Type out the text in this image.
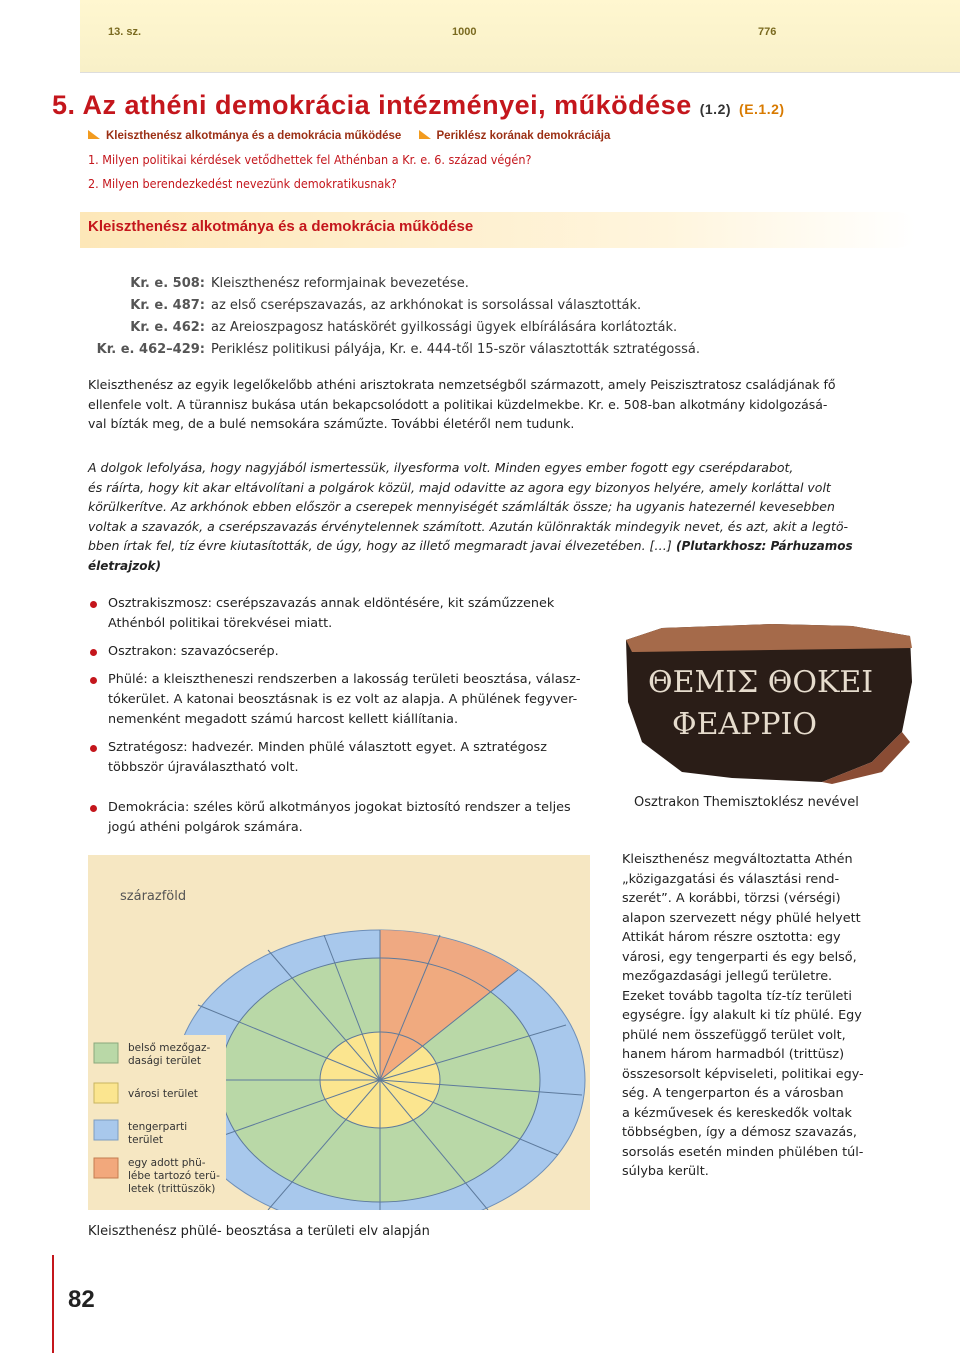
13. sz.	1000	776
5. Az athéni demokrácia intézményei, működése (1.2) (E.1.2)
Kleiszthenész alkotmánya és a demokrácia működése	Periklész korának demokráciája
1. Milyen politikai kérdések vetődhettek fel Athénban a Kr. e. 6. század végén?
2. Milyen berendezkedést nevezünk demokratikusnak?
Kleiszthenész alkotmánya és a demokrácia működése
Kr. e. 508: Kleiszthenész reformjainak bevezetése.
Kr. e. 487: az első cserépszavazás, az arkhónokat is sorsolással választották.
Kr. e. 462: az Areioszpagosz hatáskörét gyilkossági ügyek elbírálására korlátozták.
Kr. e. 462–429: Periklész politikusi pályája, Kr. e. 444-től 15-ször választották sztratégossá.
Kleiszthenész az egyik legelőkelőbb athéni arisztokrata nemzetségből származott, amely Peiszisztratosz családjának fő
ellenfele volt. A türannisz bukása után bekapcsolódott a politikai küzdelmekbe. Kr. e. 508-ban alkotmány kidolgozásá-
val bízták meg, de a bulé nemsokára száműzte. További életéről nem tudunk.
A dolgok lefolyása, hogy nagyjából ismertessük, ilyesforma volt. Minden egyes ember fogott egy cserépdarabot,
és ráírta, hogy kit akar eltávolítani a polgárok közül, majd odavitte az agora egy bizonyos helyére, amely korláttal volt
körülkerítve. Az arkhónok ebben először a cserepek mennyiségét számlálták össze; ha ugyanis hatezernél kevesebben
voltak a szavazók, a cserépszavazás érvénytelennek számított. Azután különrakták mindegyik nevet, és azt, akit a legtö-
bben írtak fel, tíz évre kiutasították, de úgy, hogy az illető megmaradt javai élvezetében. […] (Plutarkhosz: Párhuzamos
életrajzok)
Osztrakiszmosz: cserépszavazás annak eldöntésére, kit száműzzenek
Athénból politikai törekvései miatt.
Osztrakon: szavazócserép.
Phülé: a kleisztheneszi rendszerben a lakosság területi beosztása, válasz-
tókerület. A katonai beosztásnak is ez volt az alapja. A phülének fegyver-
nemenként megadott számú harcost kellett kiállítania.
Sztratégosz: hadvezér. Minden phülé választott egyet. A sztratégosz
többször újraválasztható volt.
Demokrácia: széles körű alkotmányos jogokat biztosító rendszer a teljes
jogú athéni polgárok számára.
ΘΕΜΙΣ ΘΟΚΕΙ
ΦΕΑΡΡΙΟ
Osztrakon Themisztoklész nevével
szárazföld
belső mezőgaz-
dasági terület
városi terület
tengerparti
terület
egy adott phü-
lébe tartozó terü-
letek (trittüszök)
Kleiszthenész phülé- beosztása a területi elv alapján
Kleiszthenész megváltoztatta Athén
„közigazgatási és választási rend-
szerét”. A korábbi, törzsi (vérségi)
alapon szervezett négy phülé helyett
Attikát három részre osztotta: egy
városi, egy tengerparti és egy belső,
mezőgazdasági jellegű területre.
Ezeket tovább tagolta tíz-tíz területi
egységre. Így alakult ki tíz phülé. Egy
phülé nem összefüggő terület volt,
hanem három harmadból (trittüsz)
összesorsolt képviseleti, politikai egy-
ség. A tengerparton és a városban
a kézművesek és kereskedők voltak
többségben, így a démosz szavazás,
sorsolás esetén minden phülében túl-
súlyba került.
82
